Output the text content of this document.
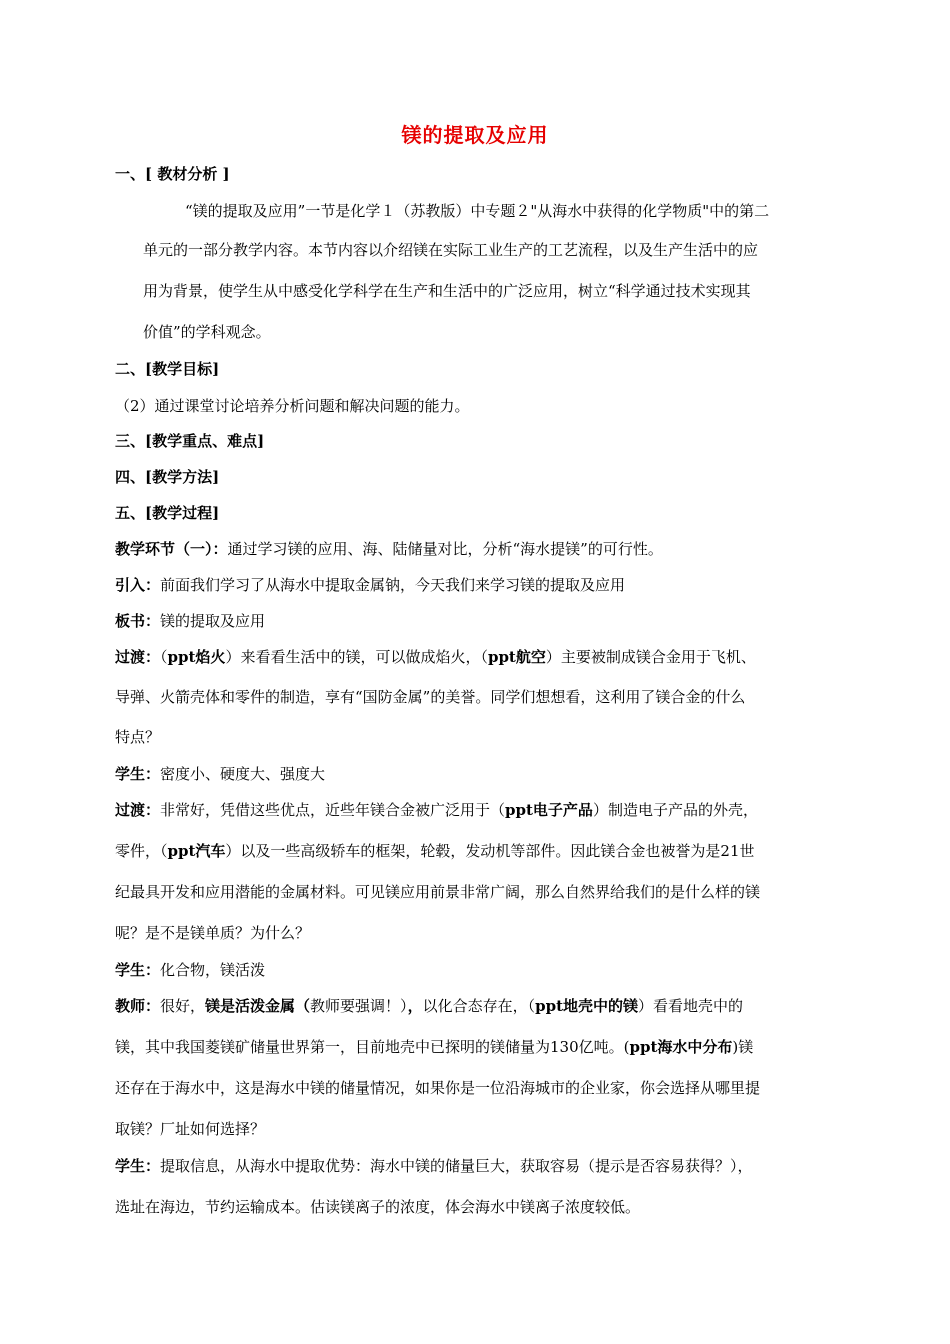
镁的提取及应用
一、[ 教材分析 ]
“镁的提取及应用”一节是化学１（苏教版）中专题２"从海水中获得的化学物质"中的第二
单元的一部分教学内容。本节内容以介绍镁在实际工业生产的工艺流程，以及生产生活中的应
用为背景，使学生从中感受化学科学在生产和生活中的广泛应用，树立“科学通过技术实现其
价值”的学科观念。
二、[教学目标]
（2）通过课堂讨论培养分析问题和解决问题的能力。
三、[教学重点、难点]
四、[教学方法]
五、[教学过程]
教学环节（一）：通过学习镁的应用、海、陆储量对比，分析“海水提镁”的可行性。
引入：前面我们学习了从海水中提取金属钠，今天我们来学习镁的提取及应用
板书：镁的提取及应用
过渡：（ppt焰火）来看看生活中的镁，可以做成焰火，（ppt航空）主要被制成镁合金用于飞机、
导弹、火箭壳体和零件的制造，享有“国防金属”的美誉。同学们想想看，这利用了镁合金的什么
特点？
学生：密度小、硬度大、强度大
过渡：非常好，凭借这些优点，近些年镁合金被广泛用于（ppt电子产品）制造电子产品的外壳，
零件，（ppt汽车）以及一些高级轿车的框架，轮毂，发动机等部件。因此镁合金也被誉为是21世
纪最具开发和应用潜能的金属材料。可见镁应用前景非常广阔，那么自然界给我们的是什么样的镁
呢？是不是镁单质？为什么？
学生：化合物，镁活泼
教师：很好，镁是活泼金属（教师要强调！），以化合态存在，（ppt地壳中的镁）看看地壳中的
镁，其中我国菱镁矿储量世界第一，目前地壳中已探明的镁储量为130亿吨。(ppt海水中分布)镁
还存在于海水中，这是海水中镁的储量情况，如果你是一位沿海城市的企业家，你会选择从哪里提
取镁？厂址如何选择？
学生：提取信息，从海水中提取优势：海水中镁的储量巨大，获取容易（提示是否容易获得？），
选址在海边，节约运输成本。估读镁离子的浓度，体会海水中镁离子浓度较低。
